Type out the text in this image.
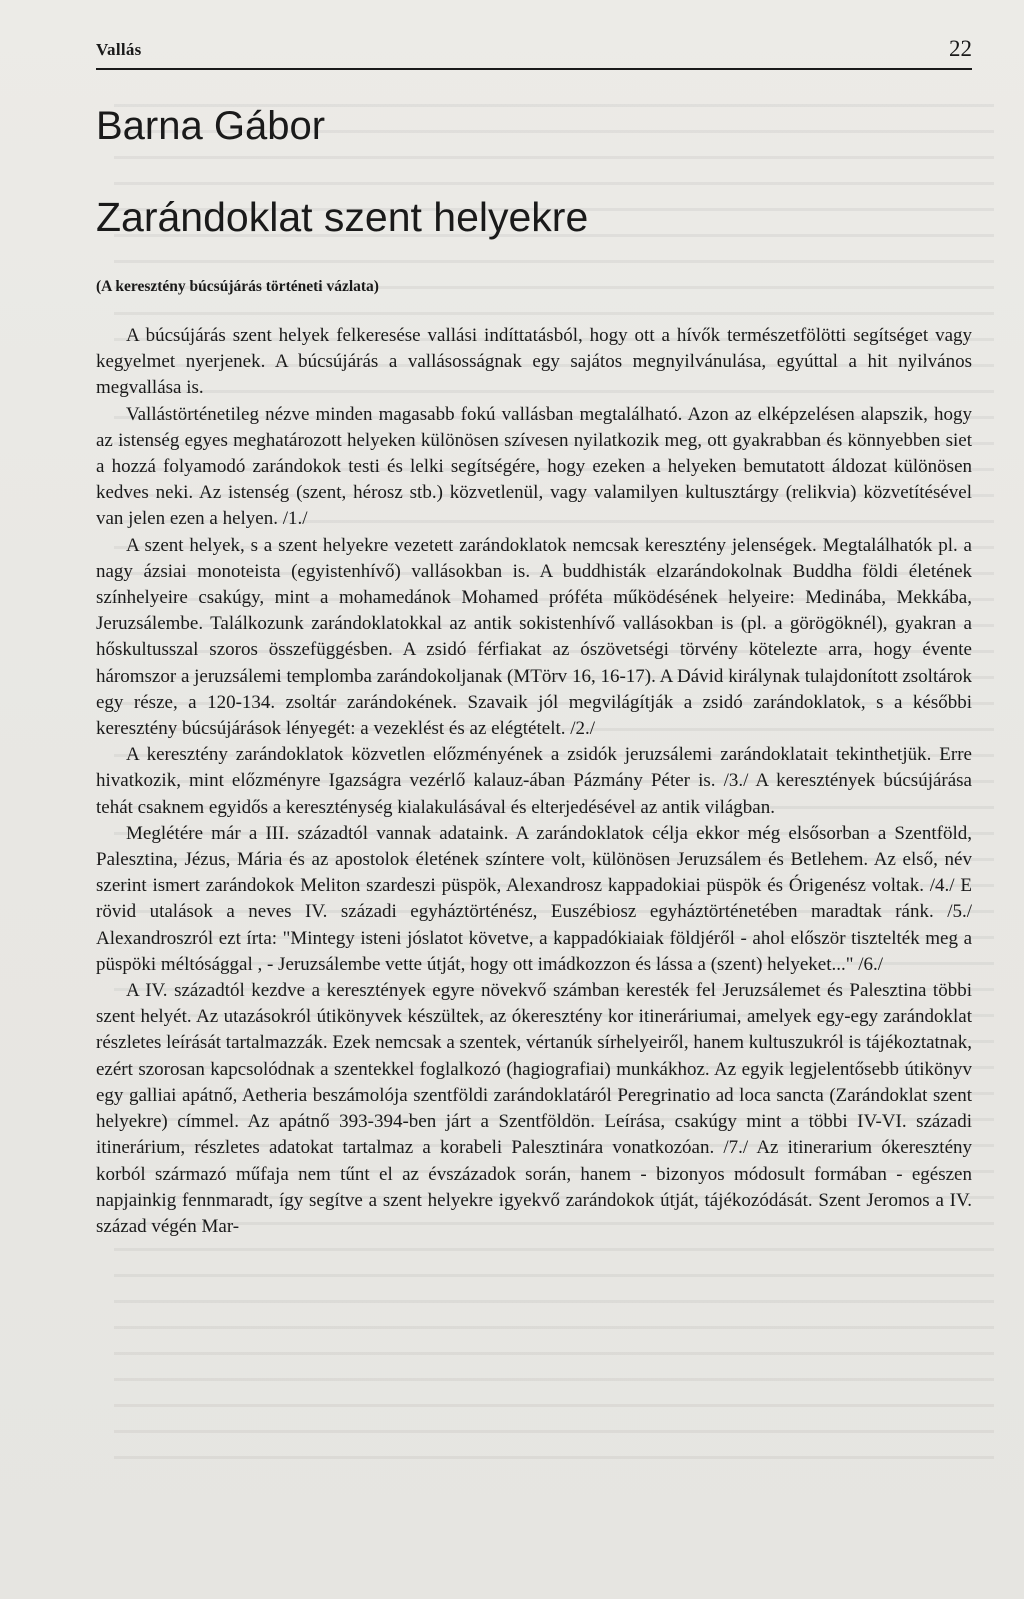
Vallás	22
Barna Gábor
Zarándoklat szent helyekre
(A keresztény búcsújárás történeti vázlata)

A búcsújárás szent helyek felkeresése vallási indíttatásból, hogy ott a hívők természetfölötti segítséget vagy kegyelmet nyerjenek. A búcsújárás a vallásosságnak egy sajátos megnyilvánulása, egyúttal a hit nyilvános megvallása is.

Vallástörténetileg nézve minden magasabb fokú vallásban megtalálható. Azon az elképzelésen alapszik, hogy az istenség egyes meghatározott helyeken különösen szívesen nyilatkozik meg, ott gyakrabban és könnyebben siet a hozzá folyamodó zarándokok testi és lelki segítségére, hogy ezeken a helyeken bemutatott áldozat különösen kedves neki. Az istenség (szent, hérosz stb.) közvetlenül, vagy valamilyen kultusztárgy (relikvia) közvetítésével van jelen ezen a helyen. /1./

A szent helyek, s a szent helyekre vezetett zarándoklatok nemcsak keresztény jelenségek. Megtalálhatók pl. a nagy ázsiai monoteista (egyistenhívő) vallásokban is. A buddhisták elzarándokolnak Buddha földi életének színhelyeire csakúgy, mint a mohamedánok Mohamed próféta működésének helyeire: Medinába, Mekkába, Jeruzsálembe. Találkozunk zarándoklatokkal az antik sokistenhívő vallásokban is (pl. a görögöknél), gyakran a hőskultusszal szoros összefüggésben. A zsidó férfiakat az ószövetségi törvény kötelezte arra, hogy évente háromszor a jeruzsálemi templomba zarándokoljanak (MTörv 16, 16-17). A Dávid királynak tulajdonított zsoltárok egy része, a 120-134. zsoltár zarándokének. Szavaik jól megvilágítják a zsidó zarándoklatok, s a későbbi keresztény búcsújárások lényegét: a vezeklést és az elégtételt. /2./

A keresztény zarándoklatok közvetlen előzményének a zsidók jeruzsálemi zarándoklatait tekinthetjük. Erre hivatkozik, mint előzményre Igazságra vezérlő kalauz-ában Pázmány Péter is. /3./ A keresztények búcsújárása tehát csaknem egyidős a kereszténység kialakulásával és elterjedésével az antik világban.

Meglétére már a III. századtól vannak adataink. A zarándoklatok célja ekkor még elsősorban a Szentföld, Palesztina, Jézus, Mária és az apostolok életének színtere volt, különösen Jeruzsálem és Betlehem. Az első, név szerint ismert zarándokok Meliton szardeszi püspök, Alexandrosz kappadokiai püspök és Órigenész voltak. /4./ E rövid utalások a neves IV. századi egyháztörténész, Euszébiosz egyháztörténetében maradtak ránk. /5./ Alexandroszról ezt írta: "Mintegy isteni jóslatot követve, a kappadókiaiak földjéről - ahol először tisztelték meg a püspöki méltósággal , - Jeruzsálembe vette útját, hogy ott imádkozzon és lássa a (szent) helyeket..." /6./

A IV. századtól kezdve a keresztények egyre növekvő számban keresték fel Jeruzsálemet és Palesztina többi szent helyét. Az utazásokról útikönyvek készültek, az ókeresztény kor itineráriumai, amelyek egy-egy zarándoklat részletes leírását tartalmazzák. Ezek nemcsak a szentek, vértanúk sírhelyeiről, hanem kultuszukról is tájékoztatnak, ezért szorosan kapcsolódnak a szentekkel foglalkozó (hagiografiai) munkákhoz. Az egyik legjelentősebb útikönyv egy galliai apátnő, Aetheria beszámolója szentföldi zarándoklatáról Peregrinatio ad loca sancta (Zarándoklat szent helyekre) címmel. Az apátnő 393-394-ben járt a Szentföldön. Leírása, csakúgy mint a többi IV-VI. századi itinerárium, részletes adatokat tartalmaz a korabeli Palesztinára vonatkozóan. /7./ Az itinerarium ókeresztény korból származó műfaja nem tűnt el az évszázadok során, hanem - bizonyos módosult formában - egészen napjainkig fennmaradt, így segítve a szent helyekre igyekvő zarándokok útját, tájékozódását. Szent Jeromos a IV. század végén Mar-
